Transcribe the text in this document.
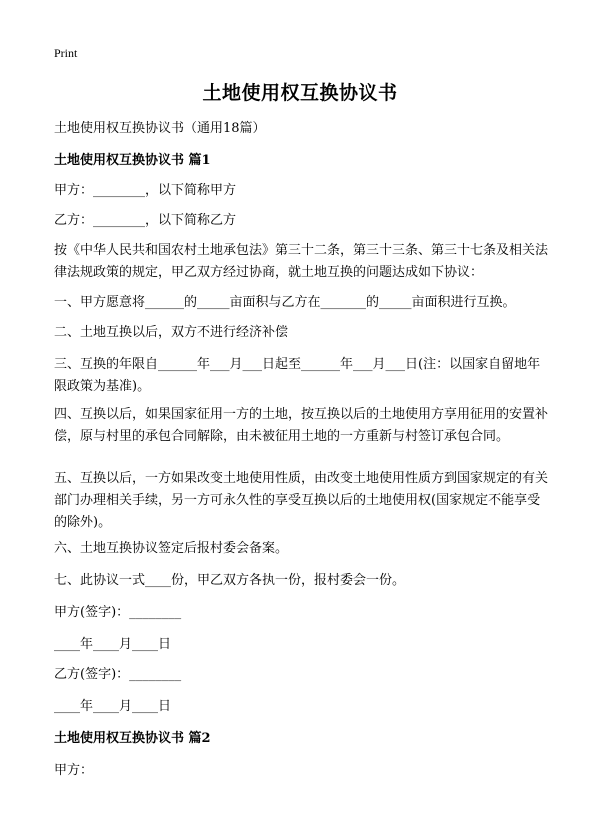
Print
土地使用权互换协议书
土地使用权互换协议书（通用18篇）
土地使用权互换协议书 篇1
甲方：________，以下简称甲方
乙方：________，以下简称乙方
按《中华人民共和国农村土地承包法》第三十二条，第三十三条、第三十七条及相关法律法规政策的规定，甲乙双方经过协商，就土地互换的问题达成如下协议：
一、甲方愿意将______的_____亩面积与乙方在_______的_____亩面积进行互换。
二、土地互换以后，双方不进行经济补偿
三、互换的年限自______年___月___日起至______年___月___日(注：以国家自留地年限政策为基准)。
四、互换以后，如果国家征用一方的土地，按互换以后的土地使用方享用征用的安置补偿，原与村里的承包合同解除，由未被征用土地的一方重新与村签订承包合同。
五、互换以后，一方如果改变土地使用性质，由改变土地使用性质方到国家规定的有关部门办理相关手续，另一方可永久性的享受互换以后的土地使用权(国家规定不能享受的除外)。
六、土地互换协议签定后报村委会备案。
七、此协议一式____份，甲乙双方各执一份，报村委会一份。
甲方(签字)：________
____年____月____日
乙方(签字)：________
____年____月____日
土地使用权互换协议书 篇2
甲方：
